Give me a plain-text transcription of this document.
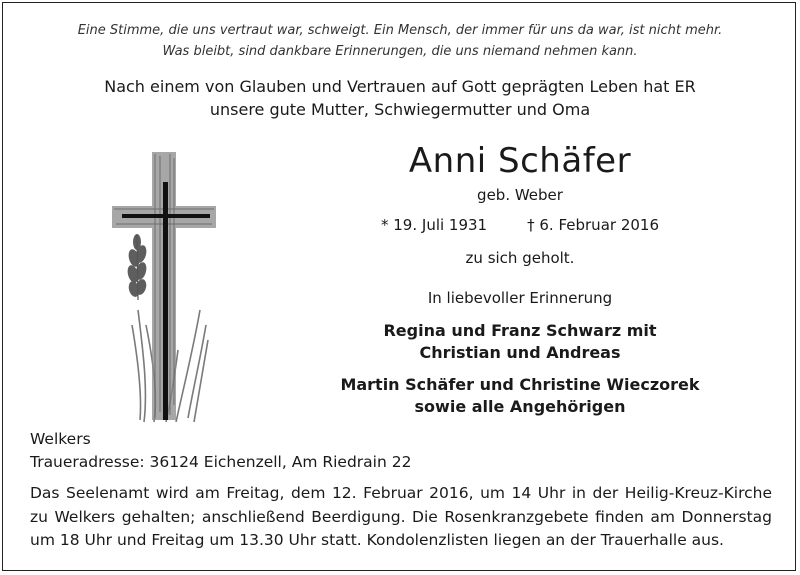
Eine Stimme, die uns vertraut war, schweigt. Ein Mensch, der immer für uns da war, ist nicht mehr.
Was bleibt, sind dankbare Erinnerungen, die uns niemand nehmen kann.
Nach einem von Glauben und Vertrauen auf Gott geprägten Leben hat ER
unsere gute Mutter, Schwiegermutter und Oma
Anni Schäfer
geb. Weber
* 19. Juli 1931	† 6. Februar 2016
zu sich geholt.
In liebevoller Erinnerung
Regina und Franz Schwarz mit
Christian und Andreas
Martin Schäfer und Christine Wieczorek
sowie alle Angehörigen
Welkers
Traueradresse: 36124 Eichenzell, Am Riedrain 22
Das Seelenamt wird am Freitag, dem 12. Februar 2016, um 14 Uhr in der Heilig-Kreuz-Kirche zu Welkers gehalten; anschließend Beerdigung. Die Rosenkranzgebete finden am Donnerstag um 18 Uhr und Freitag um 13.30 Uhr statt. Kondolenzlisten liegen an der Trauerhalle aus.
